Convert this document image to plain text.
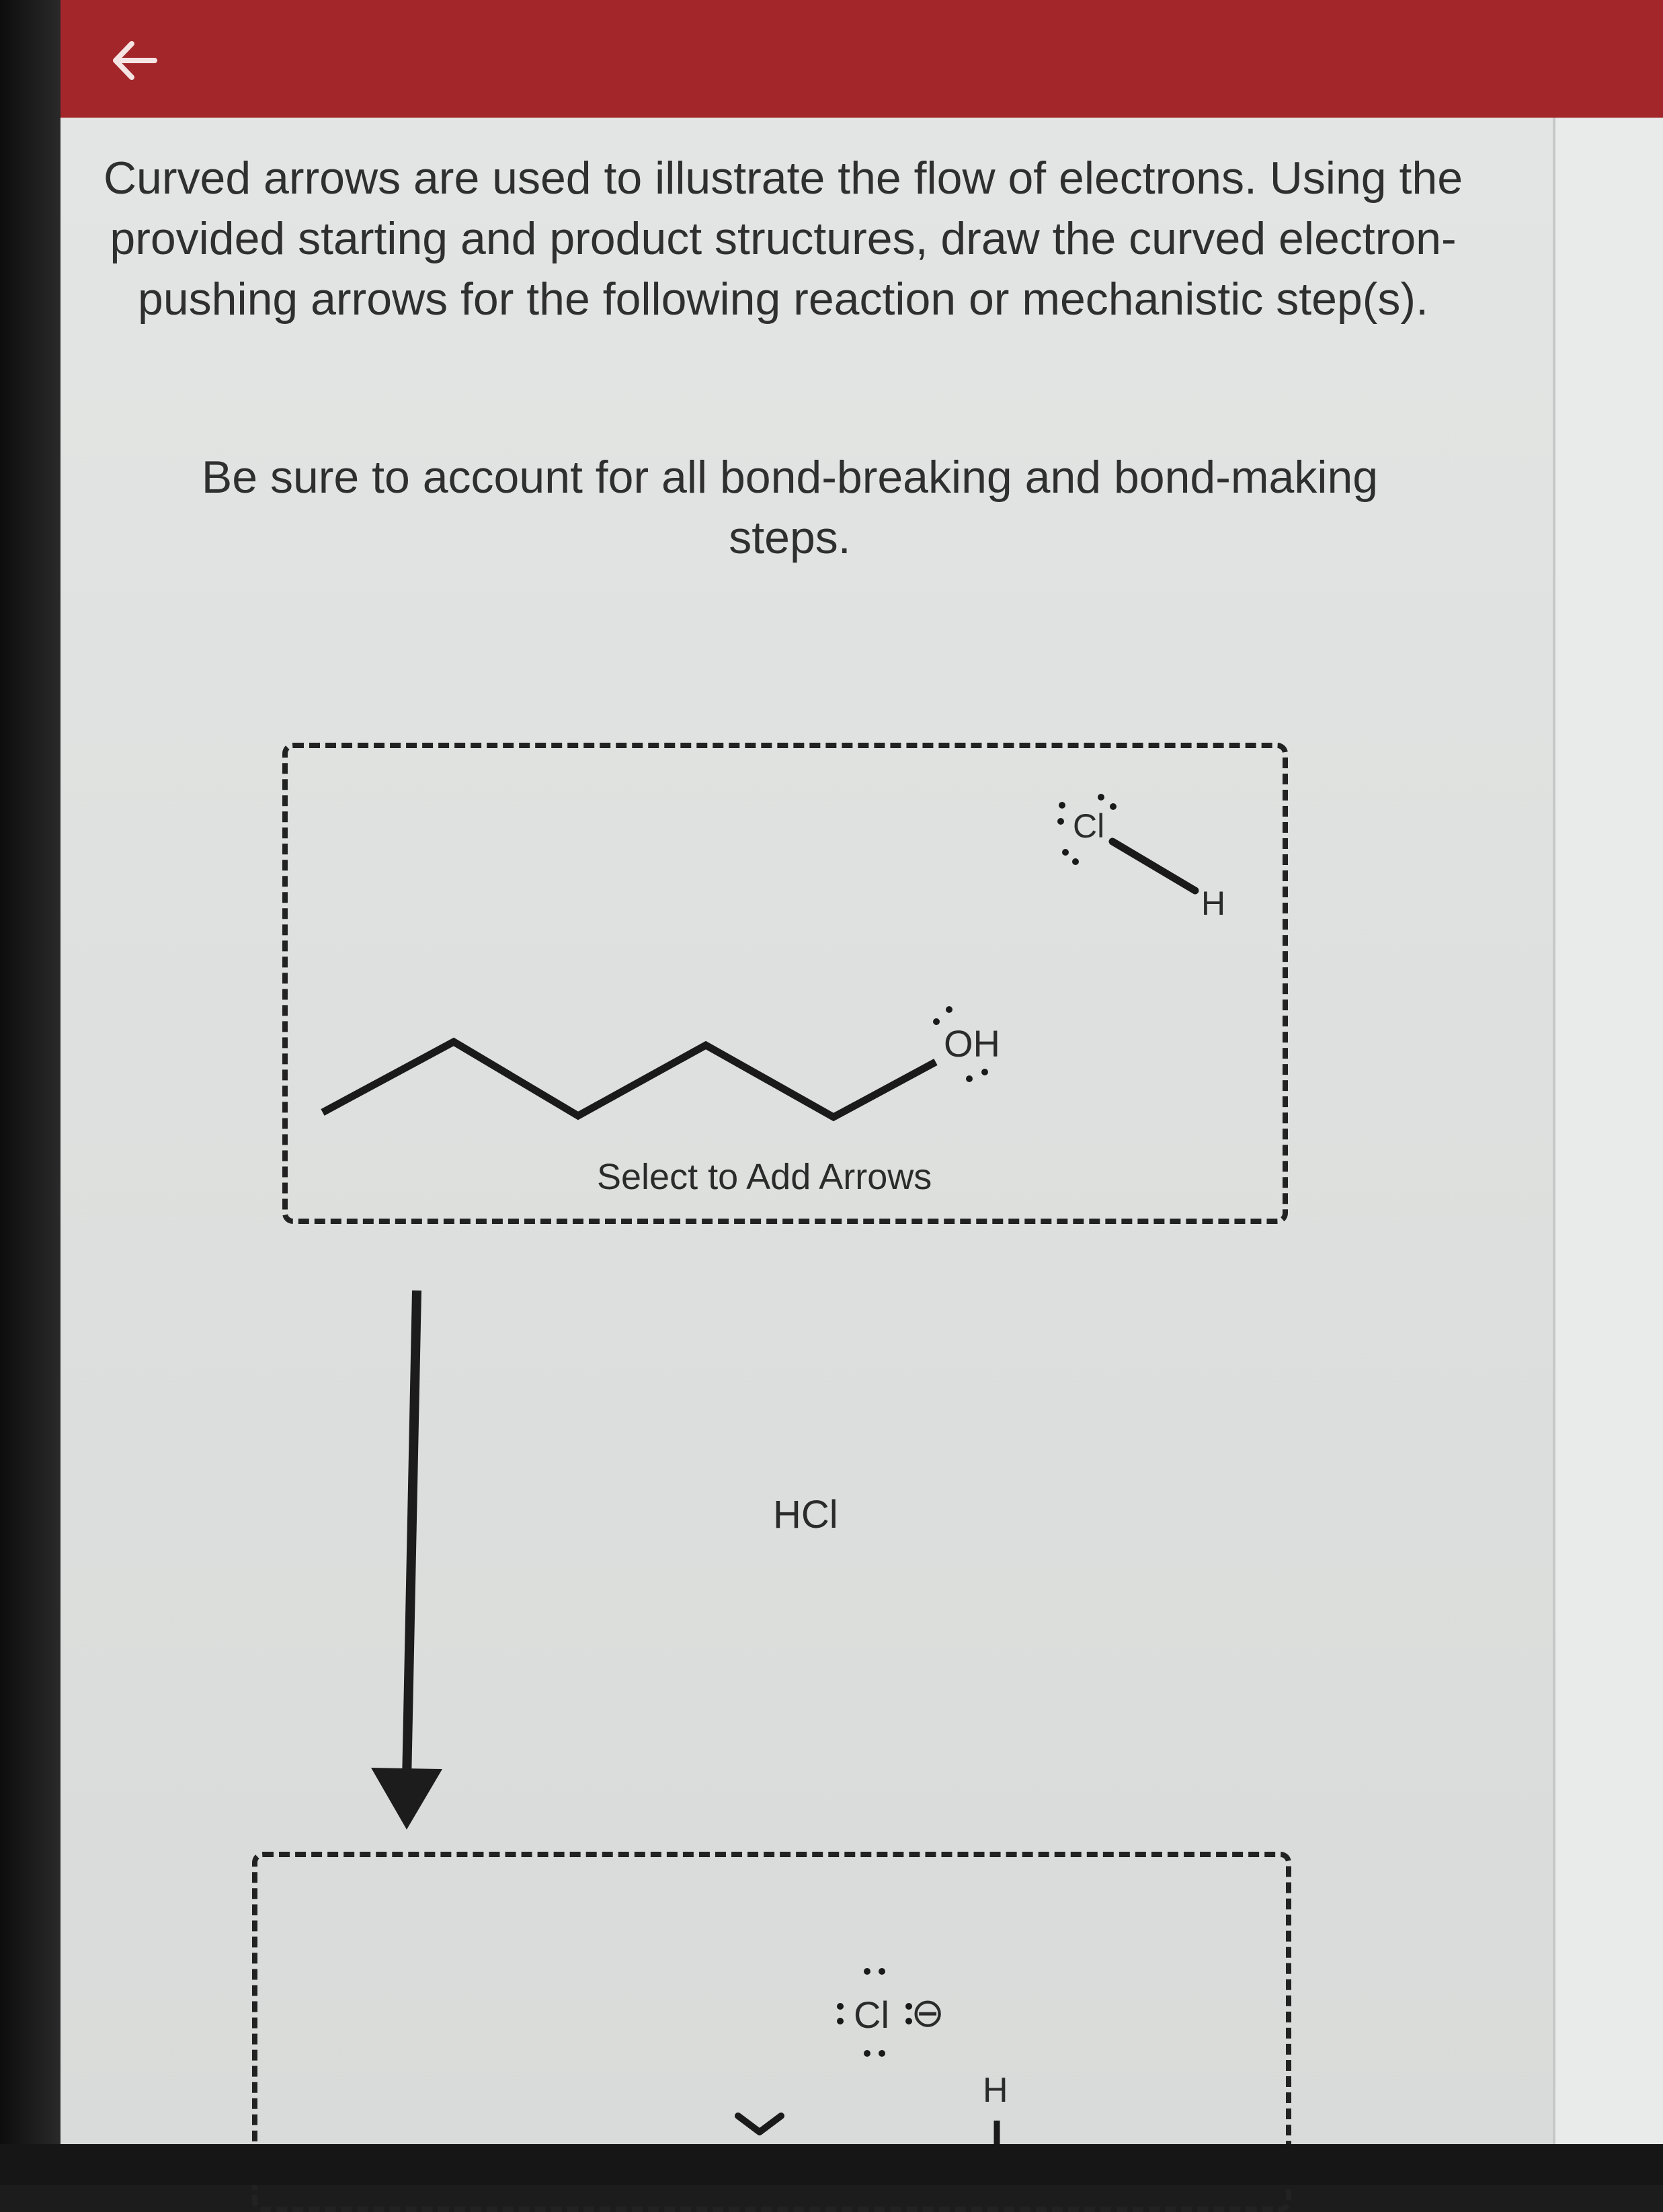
Curved arrows are used to illustrate the flow of electrons. Using the provided starting and product structures, draw the curved electron-pushing arrows for the following reaction or mechanistic step(s).

Be sure to account for all bond-breaking and bond-making steps.

OH
Cl
H
Select to Add Arrows
HCl
Cl ⊖
H
